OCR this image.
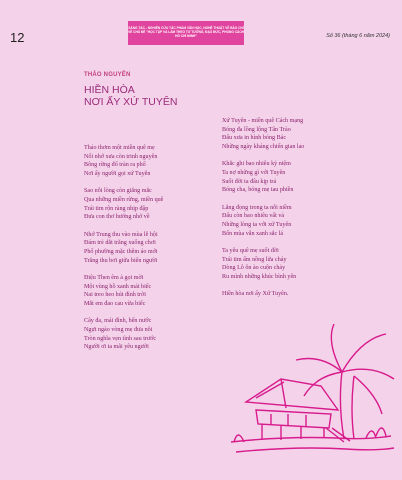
12
SÁNG TÁC - NGHIÊN CỨU TÁC PHẨM VĂN HỌC, NGHỆ THUẬT VỀ BẢO CHÍ
VỀ CHỦ ĐỀ "HỌC TẬP VÀ LÀM THEO TƯ TƯỞNG, ĐẠO ĐỨC, PHONG CÁCH HỒ CHÍ MINH"	Số 36 (tháng 6 năm 2024)
THẢO NGUYÊN
HIỀN HÒA
NƠI ẤY XỨ TUYÊN
Thảo thơm một miền quê mẹ
Nối nhớ xưa còn trinh nguyên
Bông rừng đổ tràn ra phố
Nơi ấy người gọi xứ Tuyên
Sao nỗi lòng còn giăng mắc
Qua những miền rừng, miền quê
Trái tim rộn ràng nhịp đập
Đưa con thơ hướng nhớ về
Nhớ Trung thu vào mùa lễ hội
Đám trẻ dắt trăng xuống chơi
Phố phường mặc thêm áo mới
Trăng thu bơi giữa biển người
Điệu Then êm ả gọi mời
Một vùng hồ xanh mát biếc
Nai treo heo hút đỉnh trời
Mắt em đao cau vừa biếc
Cây đa, mái đình, bến nước
Ngựt ngào vòng mẹ đưa nôi
Tròn nghĩa vẹn tình sau trước
Người ơi ta mãi yêu người
Xứ Tuyên - miền quê Cách mạng
Bóng đa lồng lộng Tân Trào
Đấu xưa in hình bóng Bác
Những ngày kháng chiến gian lao
Khắc ghi bao nhiêu kỷ niệm
Ta nợ những gì với Tuyên
Suốt đời ta đâu kịp trả
Bóng cha, bóng mẹ tau phiền
Lăng đọng trong ta nỗi niềm
Đấu còn bao nhiêu vất vả
Những lòng ta với xứ Tuyên
Bốn mùa vẫn xanh sắc lá
Ta yêu quê mẹ suốt đời
Trái tim ấm nồng lửa cháy
Dòng Lô ôn ào cuộn chảy
Ru mình những khúc bình yên
Hiền hòa nơi ấy Xứ Tuyên.
